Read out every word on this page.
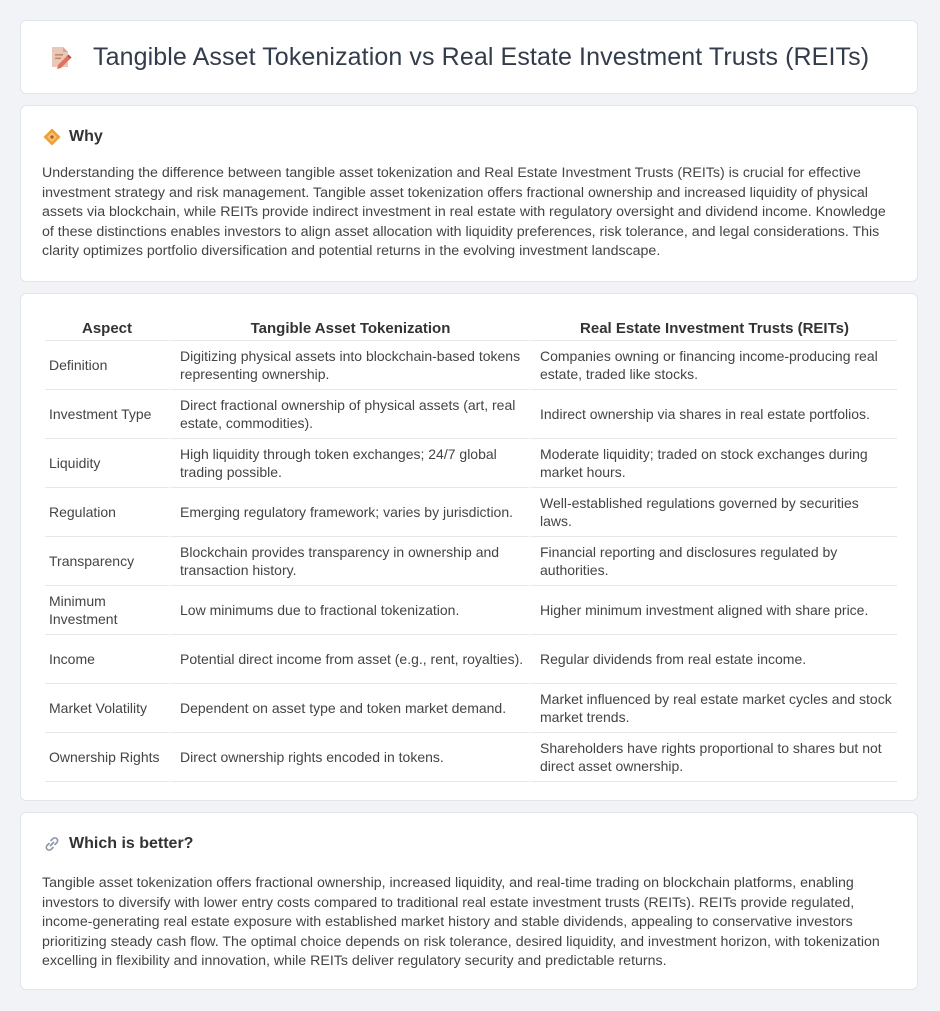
Tangible Asset Tokenization vs Real Estate Investment Trusts (REITs)
Why
Understanding the difference between tangible asset tokenization and Real Estate Investment Trusts (REITs) is crucial for effective investment strategy and risk management. Tangible asset tokenization offers fractional ownership and increased liquidity of physical assets via blockchain, while REITs provide indirect investment in real estate with regulatory oversight and dividend income. Knowledge of these distinctions enables investors to align asset allocation with liquidity preferences, risk tolerance, and legal considerations. This clarity optimizes portfolio diversification and potential returns in the evolving investment landscape.
Aspect	Tangible Asset Tokenization	Real Estate Investment Trusts (REITs)
Definition	Digitizing physical assets into blockchain-based tokens representing ownership.	Companies owning or financing income-producing real estate, traded like stocks.
Investment Type	Direct fractional ownership of physical assets (art, real estate, commodities).	Indirect ownership via shares in real estate portfolios.
Liquidity	High liquidity through token exchanges; 24/7 global trading possible.	Moderate liquidity; traded on stock exchanges during market hours.
Regulation	Emerging regulatory framework; varies by jurisdiction.	Well-established regulations governed by securities laws.
Transparency	Blockchain provides transparency in ownership and transaction history.	Financial reporting and disclosures regulated by authorities.
Minimum Investment	Low minimums due to fractional tokenization.	Higher minimum investment aligned with share price.
Income	Potential direct income from asset (e.g., rent, royalties).	Regular dividends from real estate income.
Market Volatility	Dependent on asset type and token market demand.	Market influenced by real estate market cycles and stock market trends.
Ownership Rights	Direct ownership rights encoded in tokens.	Shareholders have rights proportional to shares but not direct asset ownership.
Which is better?
Tangible asset tokenization offers fractional ownership, increased liquidity, and real-time trading on blockchain platforms, enabling investors to diversify with lower entry costs compared to traditional real estate investment trusts (REITs). REITs provide regulated, income-generating real estate exposure with established market history and stable dividends, appealing to conservative investors prioritizing steady cash flow. The optimal choice depends on risk tolerance, desired liquidity, and investment horizon, with tokenization excelling in flexibility and innovation, while REITs deliver regulatory security and predictable returns.
